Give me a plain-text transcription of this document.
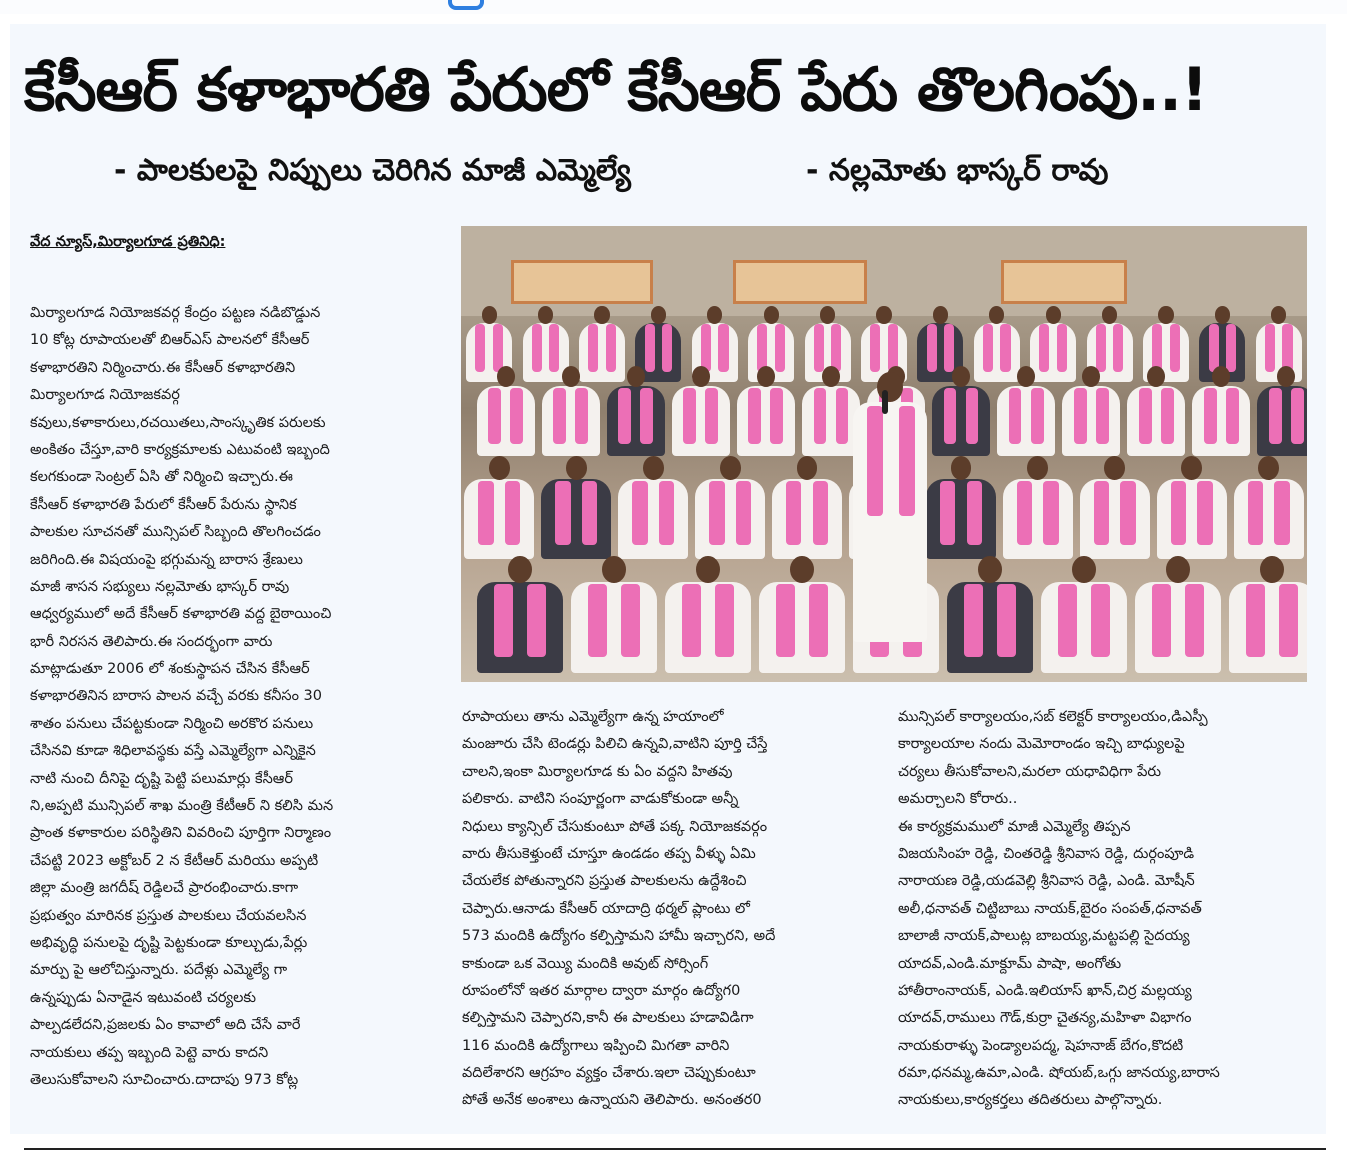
కేసీఆర్ కళాభారతి పేరులో కేసీఆర్ పేరు తొలగింపు..!
- పాలకులపై నిప్పులు చెరిగిన మాజీ ఎమ్మెల్యే	- నల్లమోతు భాస్కర్ రావు
వేద న్యూస్,మిర్యాలగూడ ప్రతినిధి:
మిర్యాలగూడ నియోజకవర్గ కేంద్రం పట్టణ నడిబొడ్డున
10 కోట్ల రూపాయలతో బిఆర్ఎస్ పాలనలో కేసీఆర్
కళాభారతిని నిర్మించారు.ఈ కేసీఆర్ కళాభారతిని
మిర్యాలగూడ నియోజకవర్గ
కవులు,కళాకారులు,రచయితలు,సాంస్కృతిక పరులకు
అంకితం చేస్తూ,వారి కార్యక్రమాలకు ఎటువంటి ఇబ్బంది
కలగకుండా సెంట్రల్ ఏసి తో నిర్మించి ఇచ్చారు.ఈ
కేసీఆర్ కళాభారతి పేరులో కేసీఆర్ పేరును స్థానిక
పాలకుల సూచనతో మున్సిపల్ సిబ్బంది తొలగించడం
జరిగింది.ఈ విషయంపై భగ్గుమన్న బారాస శ్రేణులు
మాజీ శాసన సభ్యులు నల్లమోతు భాస్కర్ రావు
ఆధ్వర్యములో అదే కేసీఆర్ కళాభారతి వద్ద బైఠాయించి
భారీ నిరసన తెలిపారు.ఈ సందర్భంగా వారు
మాట్లాడుతూ 2006 లో శంకుస్థాపన చేసిన కేసీఆర్
కళాభారతినిన బారాస పాలన వచ్చే వరకు కనీసం 30
శాతం పనులు చేపట్టకుండా నిర్మించి అరకొర పనులు
చేసినవి కూడా శిధిలావస్థకు వస్తే ఎమ్మెల్యేగా ఎన్నికైన
నాటి నుంచి దీనిపై దృష్టి పెట్టి పలుమార్లు కేసీఆర్
ని,అప్పటి మున్సిపల్ శాఖ మంత్రి కేటీఆర్ ని కలిసి మన
ప్రాంత కళాకారుల పరిస్థితిని వివరించి పూర్తిగా నిర్మాణం
చేపట్టి 2023 అక్టోబర్ 2 న కేటీఆర్ మరియు అప్పటి
జిల్లా మంత్రి జగదీష్ రెడ్డిలచే ప్రారంభించారు.కాగా
ప్రభుత్వం మారినక ప్రస్తుత పాలకులు చేయవలసిన
అభివృద్ధి పనులపై దృష్టి పెట్టకుండా కూల్చుడు,పేర్లు
మార్పు పై ఆలోచిస్తున్నారు. పదేళ్లు ఎమ్మెల్యే గా
ఉన్నప్పుడు ఏనాడైన ఇటువంటి చర్యలకు
పాల్పడలేదని,ప్రజలకు ఏం కావాలో అది చేసే వారే
నాయకులు తప్ప ఇబ్బంది పెట్టె వారు కాదని
తెలుసుకోవాలని సూచించారు.దాదాపు 973 కోట్ల
రూపాయలు తాను ఎమ్మెల్యేగా ఉన్న హయాంలో
మంజూరు చేసి టెండర్లు పిలిచి ఉన్నవి,వాటిని పూర్తి చేస్తే
చాలని,ఇంకా మిర్యాలగూడ కు ఏం వద్దని హితవు
పలికారు. వాటిని సంపూర్ణంగా వాడుకోకుండా అన్నీ
నిధులు క్యాన్సిల్ చేసుకుంటూ పోతే పక్క నియోజకవర్గం
వారు తీసుకెళ్తుంటే చూస్తూ ఉండడం తప్ప వీళ్ళు ఏమి
చేయలేక పోతున్నారని ప్రస్తుత పాలకులను ఉద్దేశించి
చెప్పారు.ఆనాడు కేసీఆర్ యాదాద్రి థర్మల్ ప్లాంటు లో
573 మందికి ఉద్యోగం కల్పిస్తామని హామీ ఇచ్చారని, అదే
కాకుండా ఒక వెయ్యి మందికి అవుట్ సోర్సింగ్
రూపంలోనో ఇతర మార్గాల ద్వారా మార్గం ఉద్యోగ0
కల్పిస్తామని చెప్పారని,కానీ ఈ పాలకులు హడావిడిగా
116 మందికి ఉద్యోగాలు ఇప్పించి మిగతా వారిని
వదిలేశారని ఆగ్రహం వ్యక్తం చేశారు.ఇలా చెప్పుకుంటూ
పోతే అనేక అంశాలు ఉన్నాయని తెలిపారు. అనంతర0
మున్సిపల్ కార్యాలయం,సబ్ కలెక్టర్ కార్యాలయం,డిఎస్పీ
కార్యాలయాల నందు మెమోరాండం ఇచ్చి బాధ్యులపై
చర్యలు తీసుకోవాలని,మరలా యధావిధిగా పేరు
అమర్చాలని కోరారు..
ఈ కార్యక్రమములో మాజీ ఎమ్మెల్యే తిప్పన
విజయసింహ రెడ్డి, చింతరెడ్డి శ్రీనివాస రెడ్డి, దుర్గంపూడి
నారాయణ రెడ్డి,యడవెల్లి శ్రీనివాస రెడ్డి, ఎండి. మోషీన్
అలీ,ధనావత్ చిట్టిబాబు నాయక్,బైరం సంపత్,ధనావత్
బాలాజీ నాయక్,పాలుట్ల బాబయ్య,మట్టపల్లి సైదయ్య
యాదవ్,ఎండి.మాక్దూమ్ పాషా, అంగోతు
హాతీరాంనాయక్, ఎండి.ఇలియాస్ ఖాన్,చిర్ర మల్లయ్య
యాదవ్,రాములు గౌడ్,కుర్రా చైతన్య,మహిళా విభాగం
నాయకురాళ్ళు పెండ్యాలపద్మ, షెహనాజ్ బేగం,కొదటి
రమా,ధనమ్మ,ఉమా,ఎండి. షోయబ్,ఒగ్గు జానయ్య,బారాస
నాయకులు,కార్యకర్తలు తదితరులు పాల్గొన్నారు.
